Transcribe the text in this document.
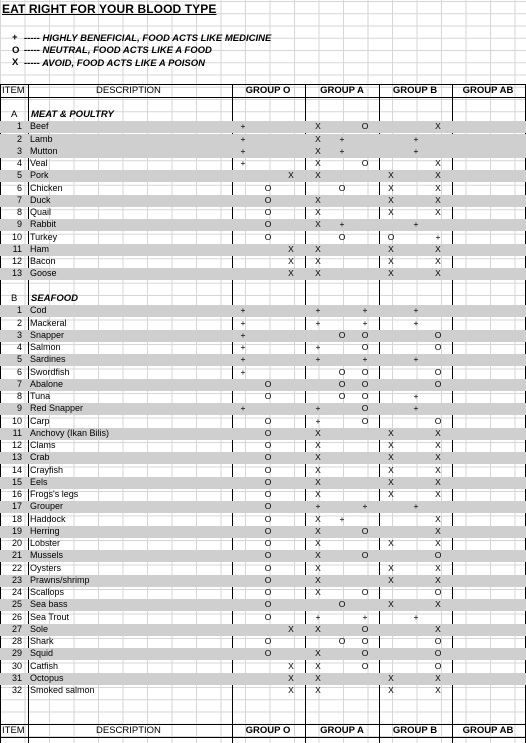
EAT RIGHT FOR YOUR BLOOD TYPE
+ ----- HIGHLY BENEFICIAL, FOOD ACTS LIKE MEDICINE
O ----- NEUTRAL, FOOD ACTS LIKE A FOOD
X ----- AVOID, FOOD ACTS LIKE A POISON
ITEM	DESCRIPTION	GROUP O	GROUP A	GROUP B	GROUP AB
ITEM	DESCRIPTION	GROUP O	GROUP A	GROUP B	GROUP AB
A MEAT & POULTRY
1 Beef	+	X	O	X
2 Lamb	+	X	+	+
3 Mutton	+	X	+	+
4 Veal	+	X	O	X
5 Pork	X	X	X	X
6 Chicken	O	O	X	X
7 Duck	O	X	X	X
8 Quail	O	X	X	X
9 Rabbit	O	X	+	+
10 Turkey	O	O	O	+
11 Ham	X	X	X	X
12 Bacon	X	X	X	X
13 Goose	X	X	X	X
B SEAFOOD
1 Cod	+	+	+	+
2 Mackeral	+	+	+	+
3 Snapper	+	O	O	O
4 Salmon	+	+	O	O
5 Sardines	+	+	+	+
6 Swordfish	+	O	O	O
7 Abalone	O	O	O	O
8 Tuna	O	O	O	+
9 Red Snapper	+	+	O	+
10 Carp	O	+	O	O
11 Anchovy (Ikan Bilis)	O	X	X	X
12 Clams	O	X	X	X
13 Crab	O	X	X	X
14 Crayfish	O	X	X	X
15 Eels	O	X	X	X
16 Frogs's legs	O	X	X	X
17 Grouper	O	+	+	+
18 Haddock	O	X	+	X
19 Herring	O	X	O	X
20 Lobster	O	X	X	X
21 Mussels	O	X	O	O
22 Oysters	O	X	X	X
23 Prawns/shrimp	O	X	X	X
24 Scallops	O	X	O	O
25 Sea bass	O	O	X	X
26 Sea Trout	O	+	+	+
27 Sole	X	X	O	X
28 Shark	O	O	O	O
29 Squid	O	X	O	O
30 Catfish	X	X	O	O
31 Octopus	X	X	X	X
32 Smoked salmon	X	X	X	X
